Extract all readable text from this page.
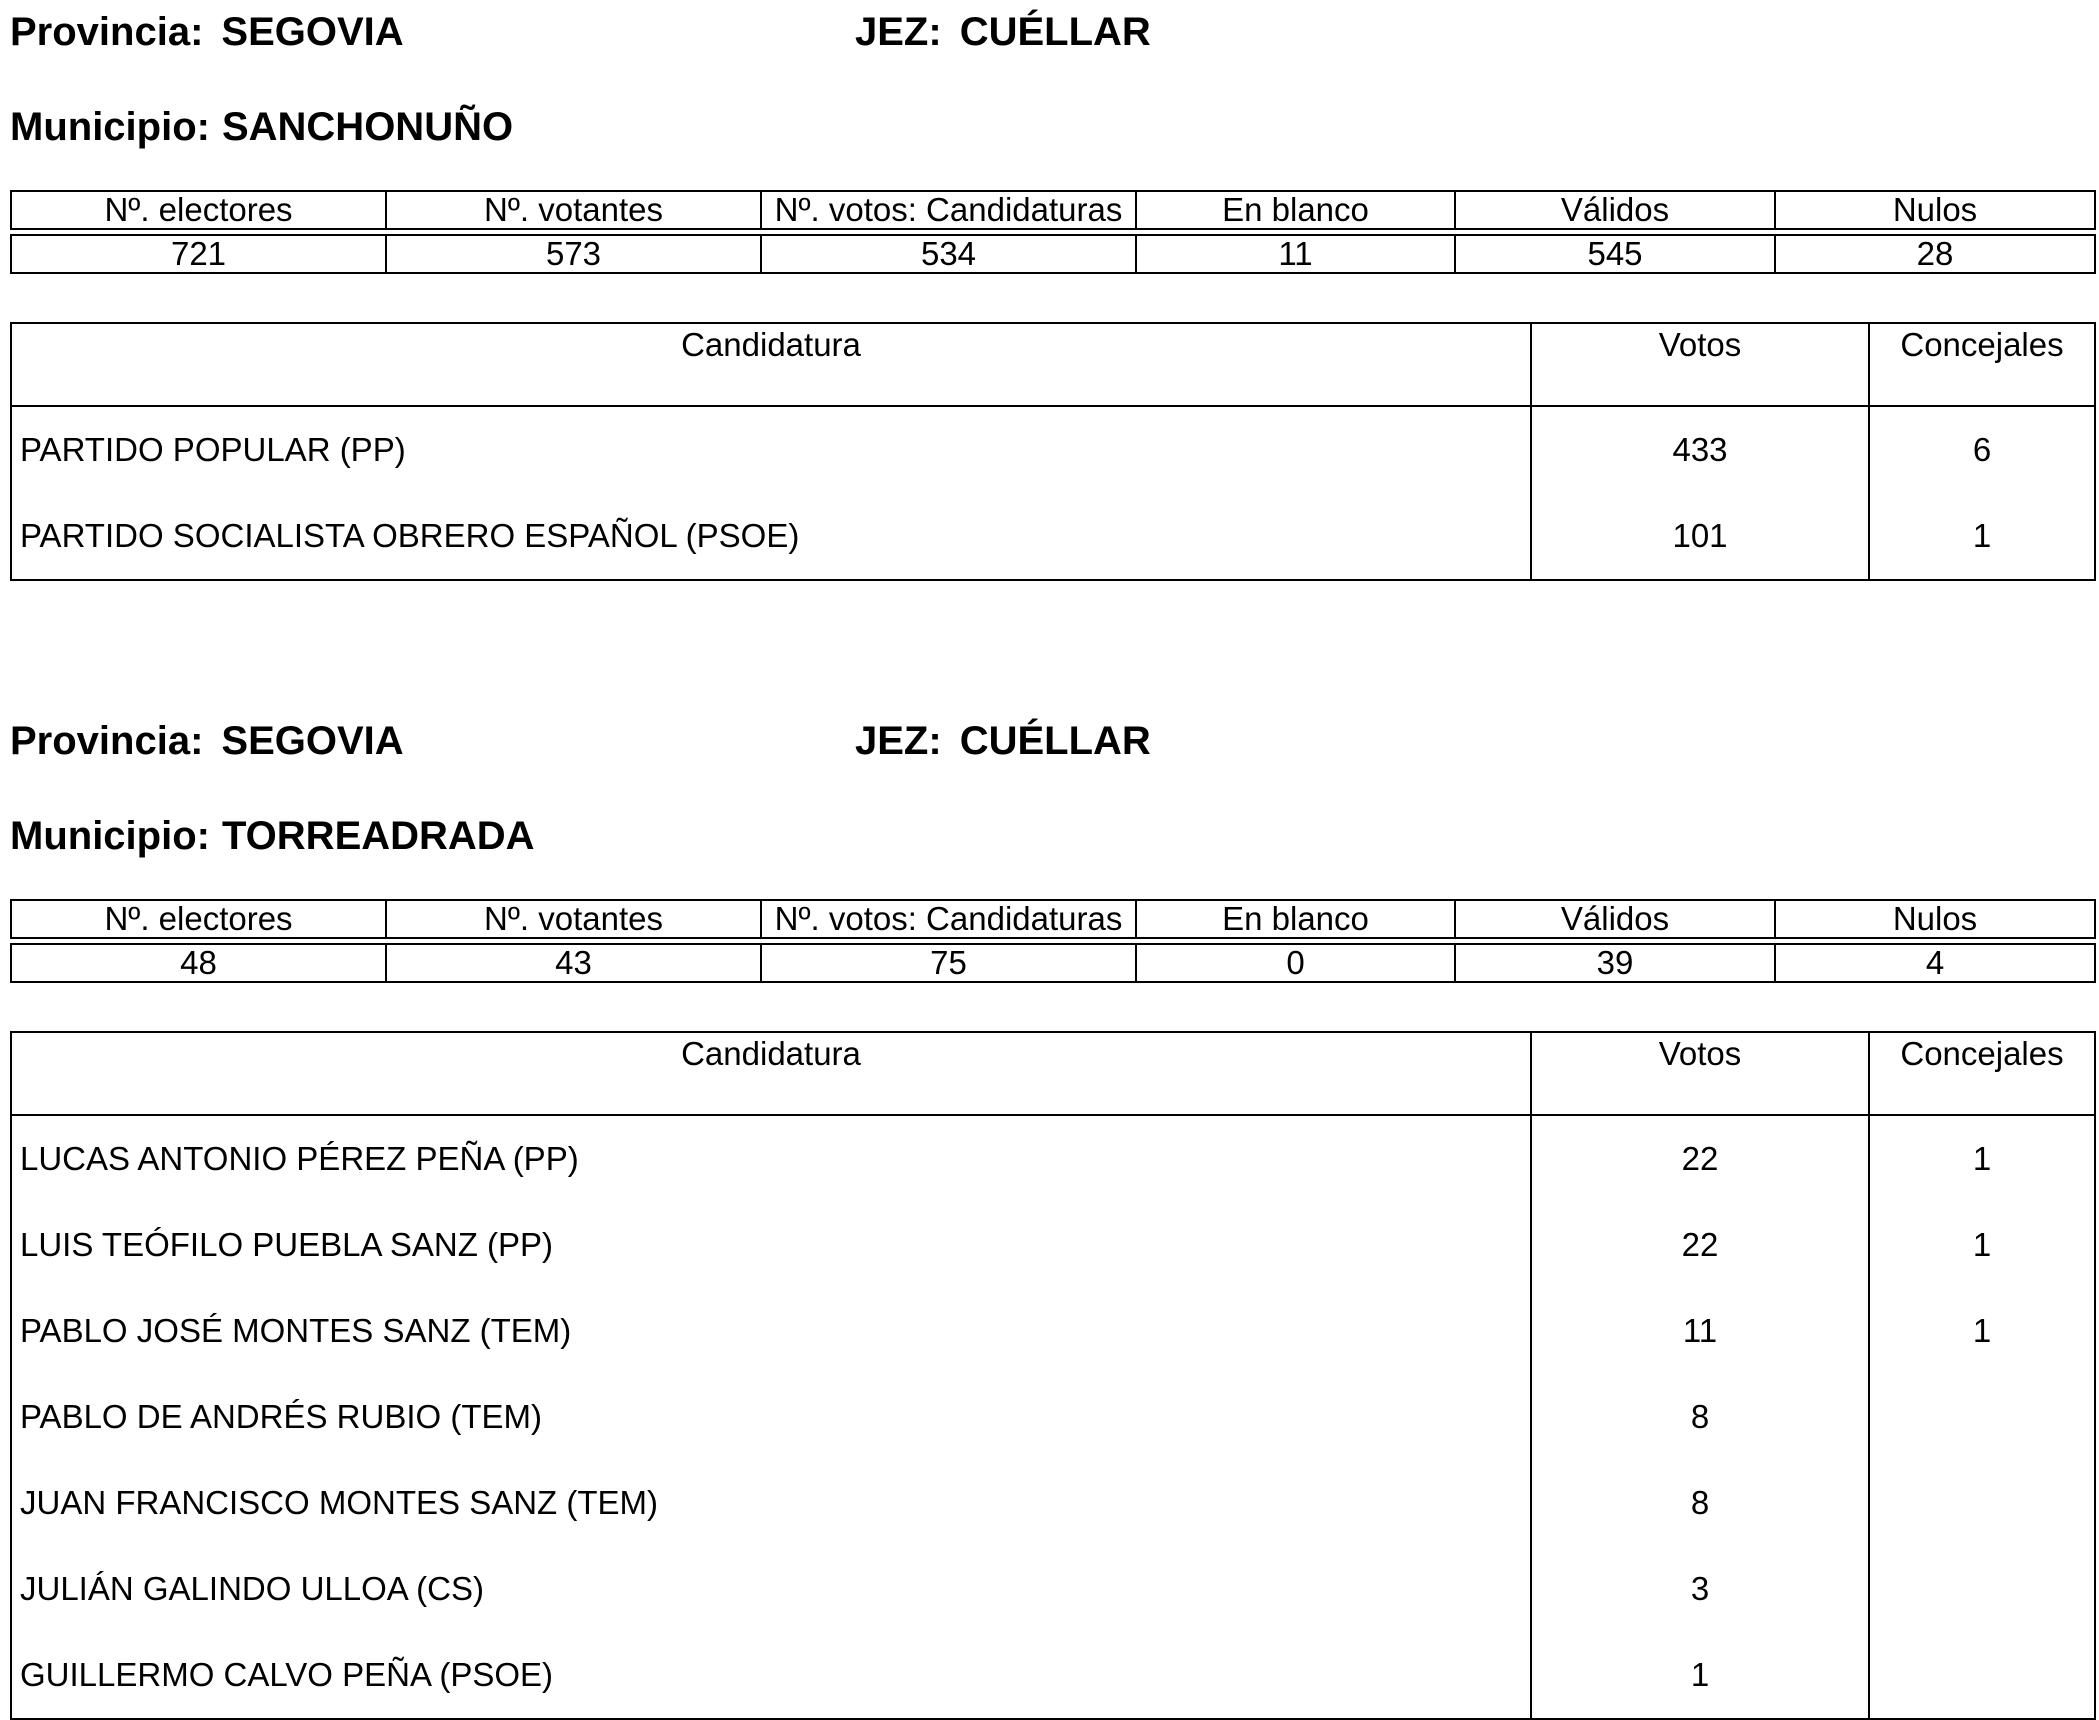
Provincia: SEGOVIA	JEZ: CUÉLLAR
Municipio: SANCHONUÑO
Nº. electores	Nº. votantes	Nº. votos: Candidaturas	En blanco	Válidos	Nulos
721	573	534	11	545	28
Candidatura	Votos	Concejales
PARTIDO POPULAR (PP)	433	6
PARTIDO SOCIALISTA OBRERO ESPAÑOL (PSOE)	101	1
Provincia: SEGOVIA	JEZ: CUÉLLAR
Municipio: TORREADRADA
Nº. electores	Nº. votantes	Nº. votos: Candidaturas	En blanco	Válidos	Nulos
48	43	75	0	39	4
Candidatura	Votos	Concejales
LUCAS ANTONIO PÉREZ PEÑA (PP)	22	1
LUIS TEÓFILO PUEBLA SANZ (PP)	22	1
PABLO JOSÉ MONTES SANZ (TEM)	11	1
PABLO DE ANDRÉS RUBIO (TEM)	8	
JUAN FRANCISCO MONTES SANZ (TEM)	8	
JULIÁN GALINDO ULLOA (CS)	3	
GUILLERMO CALVO PEÑA (PSOE)	1	
